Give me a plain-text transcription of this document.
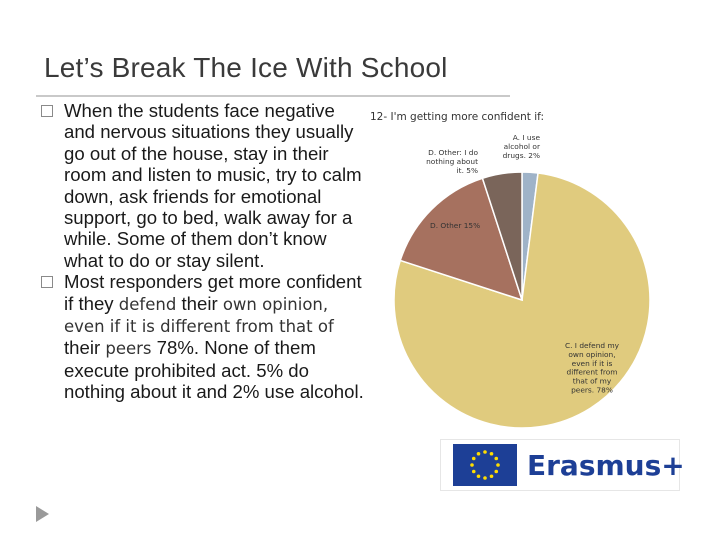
Let’s Break The Ice With School

When the students face negative and nervous situations they usually go out of the house, stay in their room and listen to music, try to calm down, ask friends for emotional support, go to bed, walk away for a while. Some of them don’t know what to do or stay silent.

Most responders get more confident if they defend their own opinion, even if it is different from that of their peers 78%. None of them execute prohibited act. 5% do nothing about it and 2% use alcohol.

12- I'm getting more confident if:
A. I use alcohol or drugs. 2%
C. I defend my own opinion, even if it is different from that of my peers. 78%
D. Other 15%
D. Other: I do nothing about it. 5%
Erasmus+
